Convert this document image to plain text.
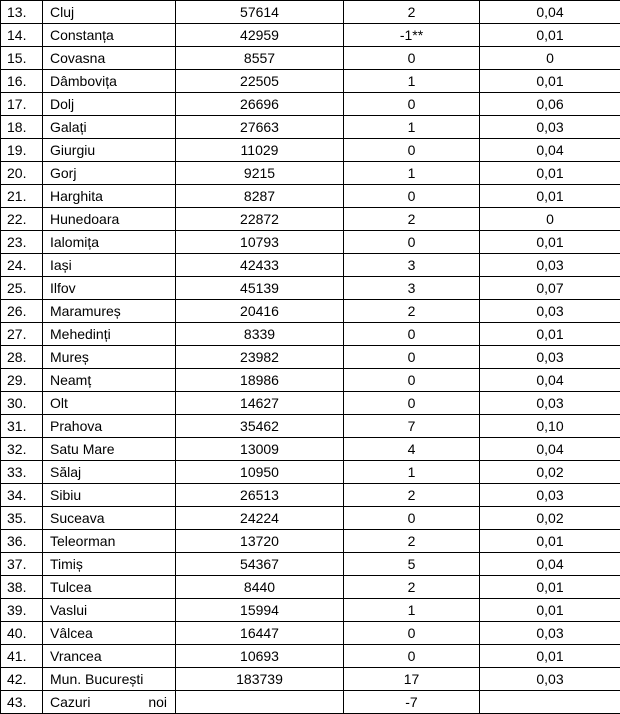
13.	Cluj	57614	2	0,04
14.	Constanța	42959	-1**	0,01
15.	Covasna	8557	0	0
16.	Dâmbovița	22505	1	0,01
17.	Dolj	26696	0	0,06
18.	Galați	27663	1	0,03
19.	Giurgiu	11029	0	0,04
20.	Gorj	9215	1	0,01
21.	Harghita	8287	0	0,01
22.	Hunedoara	22872	2	0
23.	Ialomița	10793	0	0,01
24.	Iași	42433	3	0,03
25.	Ilfov	45139	3	0,07
26.	Maramureș	20416	2	0,03
27.	Mehedinți	8339	0	0,01
28.	Mureș	23982	0	0,03
29.	Neamț	18986	0	0,04
30.	Olt	14627	0	0,03
31.	Prahova	35462	7	0,10
32.	Satu Mare	13009	4	0,04
33.	Sălaj	10950	1	0,02
34.	Sibiu	26513	2	0,03
35.	Suceava	24224	0	0,02
36.	Teleorman	13720	2	0,01
37.	Timiș	54367	5	0,04
38.	Tulcea	8440	2	0,01
39.	Vaslui	15994	1	0,01
40.	Vâlcea	16447	0	0,03
41.	Vrancea	10693	0	0,01
42.	Mun. București	183739	17	0,03
43.	Cazuri noi		-7	
